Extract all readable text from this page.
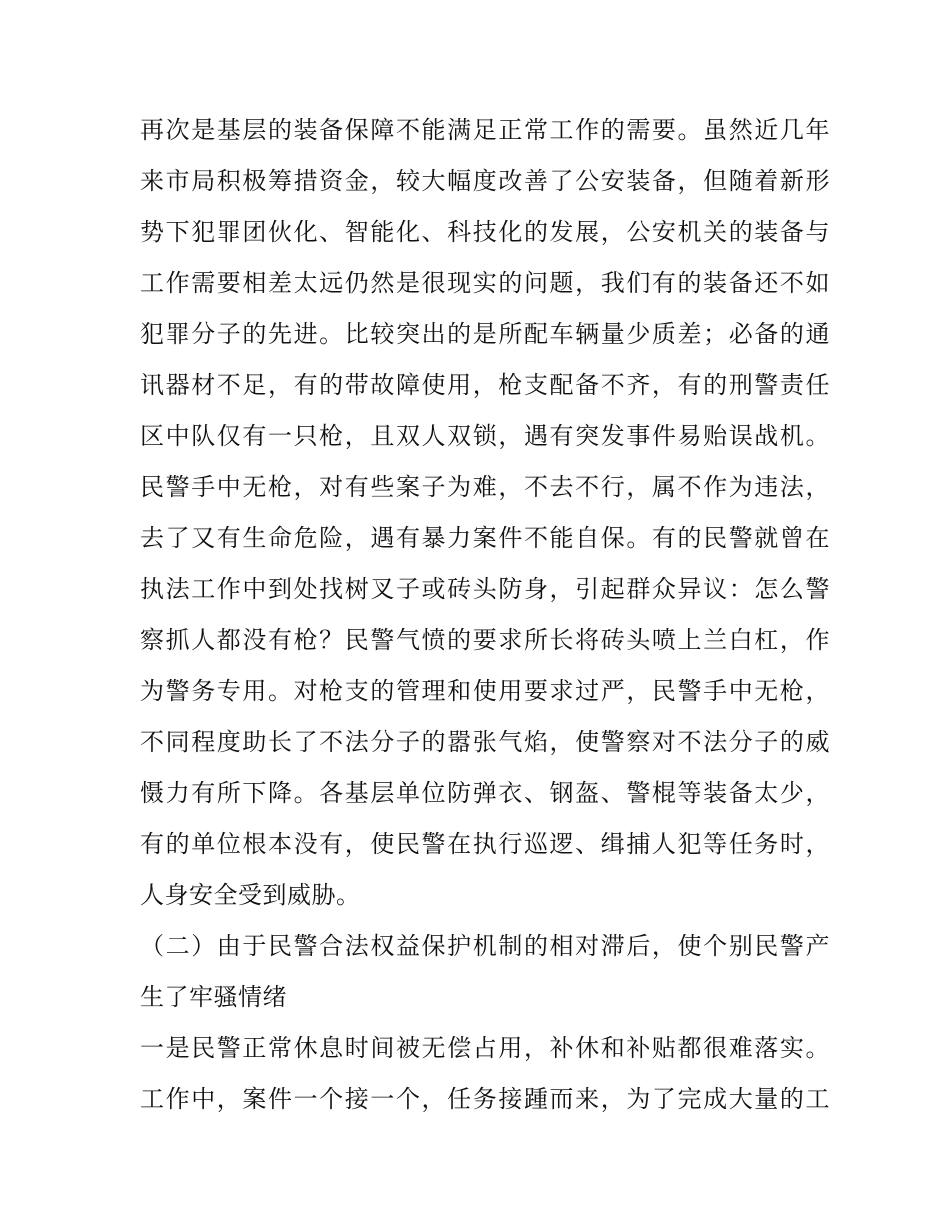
再次是基层的装备保障不能满足正常工作的需要。虽然近几年
来市局积极筹措资金，较大幅度改善了公安装备，但随着新形
势下犯罪团伙化、智能化、科技化的发展，公安机关的装备与
工作需要相差太远仍然是很现实的问题，我们有的装备还不如
犯罪分子的先进。比较突出的是所配车辆量少质差；必备的通
讯器材不足，有的带故障使用，枪支配备不齐，有的刑警责任
区中队仅有一只枪，且双人双锁，遇有突发事件易贻误战机。
民警手中无枪，对有些案子为难，不去不行，属不作为违法，
去了又有生命危险，遇有暴力案件不能自保。有的民警就曾在
执法工作中到处找树叉子或砖头防身，引起群众异议：怎么警
察抓人都没有枪？民警气愤的要求所长将砖头喷上兰白杠，作
为警务专用。对枪支的管理和使用要求过严，民警手中无枪，
不同程度助长了不法分子的嚣张气焰，使警察对不法分子的威
慑力有所下降。各基层单位防弹衣、钢盔、警棍等装备太少，
有的单位根本没有，使民警在执行巡逻、缉捕人犯等任务时，
人身安全受到威胁。
（二）由于民警合法权益保护机制的相对滞后，使个别民警产
生了牢骚情绪
一是民警正常休息时间被无偿占用，补休和补贴都很难落实。
工作中，案件一个接一个，任务接踵而来，为了完成大量的工
